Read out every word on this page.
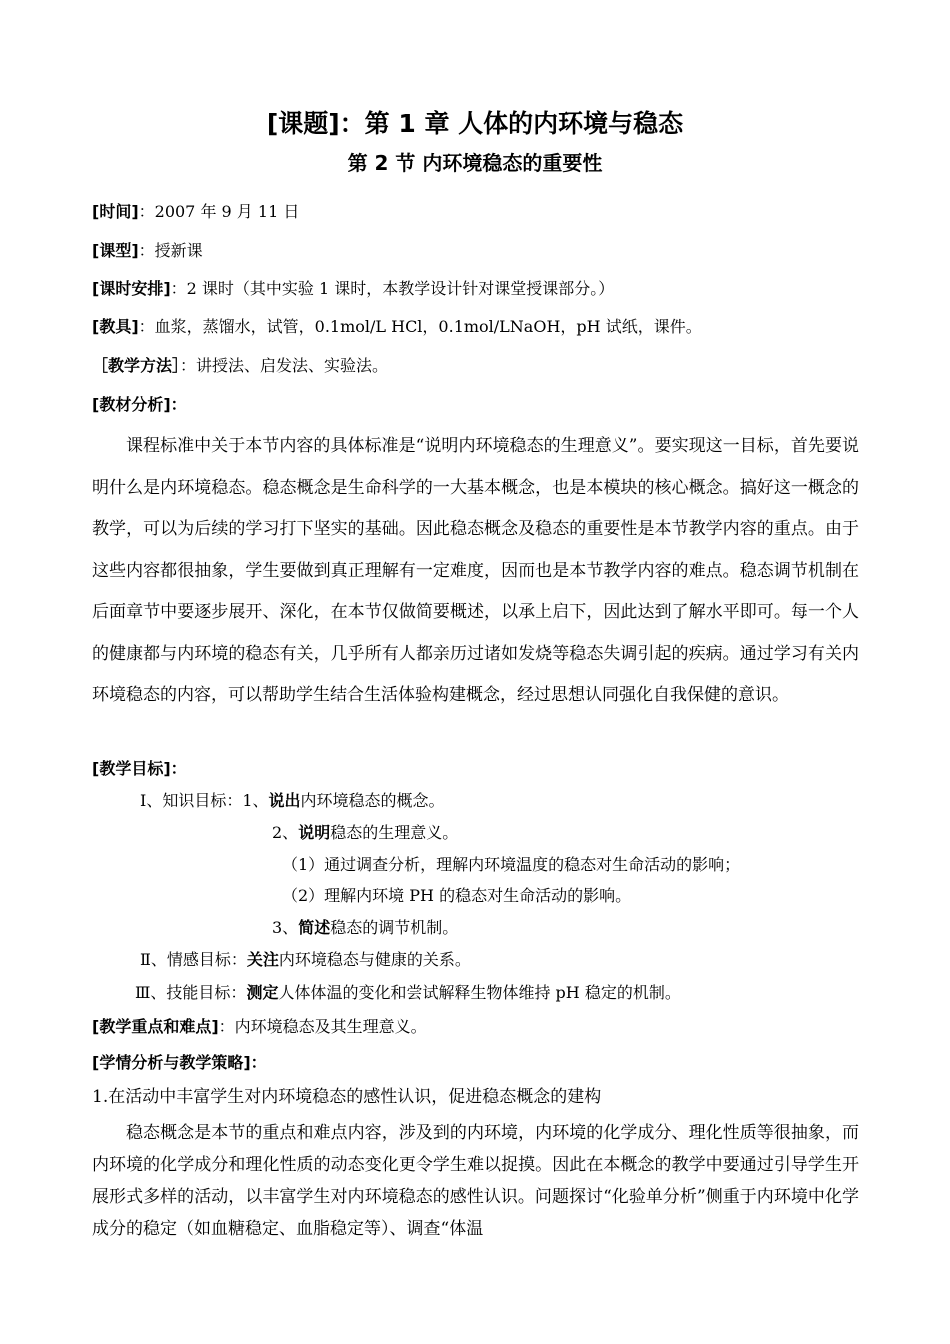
[课题]：第 1 章 人体的内环境与稳态
第 2 节 内环境稳态的重要性
[时间]：2007 年 9 月 11 日
[课型]：授新课
[课时安排]：2 课时（其中实验 1 课时，本教学设计针对课堂授课部分。）
[教具]：血浆，蒸馏水，试管，0.1mol/L HCl，0.1mol/LNaOH，pH 试纸，课件。
［教学方法］：讲授法、启发法、实验法。
[教材分析]：
课程标准中关于本节内容的具体标准是“说明内环境稳态的生理意义”。要实现这一目标，首先要说明什么是内环境稳态。稳态概念是生命科学的一大基本概念，也是本模块的核心概念。搞好这一概念的教学，可以为后续的学习打下坚实的基础。因此稳态概念及稳态的重要性是本节教学内容的重点。由于这些内容都很抽象，学生要做到真正理解有一定难度，因而也是本节教学内容的难点。稳态调节机制在后面章节中要逐步展开、深化，在本节仅做简要概述，以承上启下，因此达到了解水平即可。每一个人的健康都与内环境的稳态有关，几乎所有人都亲历过诸如发烧等稳态失调引起的疾病。通过学习有关内环境稳态的内容，可以帮助学生结合生活体验构建概念，经过思想认同强化自我保健的意识。
[教学目标]：
Ⅰ、知识目标：1、说出内环境稳态的概念。
2、说明稳态的生理意义。
（1）通过调查分析，理解内环境温度的稳态对生命活动的影响；
（2）理解内环境 PH 的稳态对生命活动的影响。
3、简述稳态的调节机制。
Ⅱ、情感目标：关注内环境稳态与健康的关系。
Ⅲ、技能目标：测定人体体温的变化和尝试解释生物体维持 pH 稳定的机制。
[教学重点和难点]：内环境稳态及其生理意义。
[学情分析与教学策略]：
1.在活动中丰富学生对内环境稳态的感性认识，促进稳态概念的建构
稳态概念是本节的重点和难点内容，涉及到的内环境，内环境的化学成分、理化性质等很抽象，而内环境的化学成分和理化性质的动态变化更令学生难以捉摸。因此在本概念的教学中要通过引导学生开展形式多样的活动，以丰富学生对内环境稳态的感性认识。问题探讨“化验单分析”侧重于内环境中化学成分的稳定（如血糖稳定、血脂稳定等）、调查“体温
